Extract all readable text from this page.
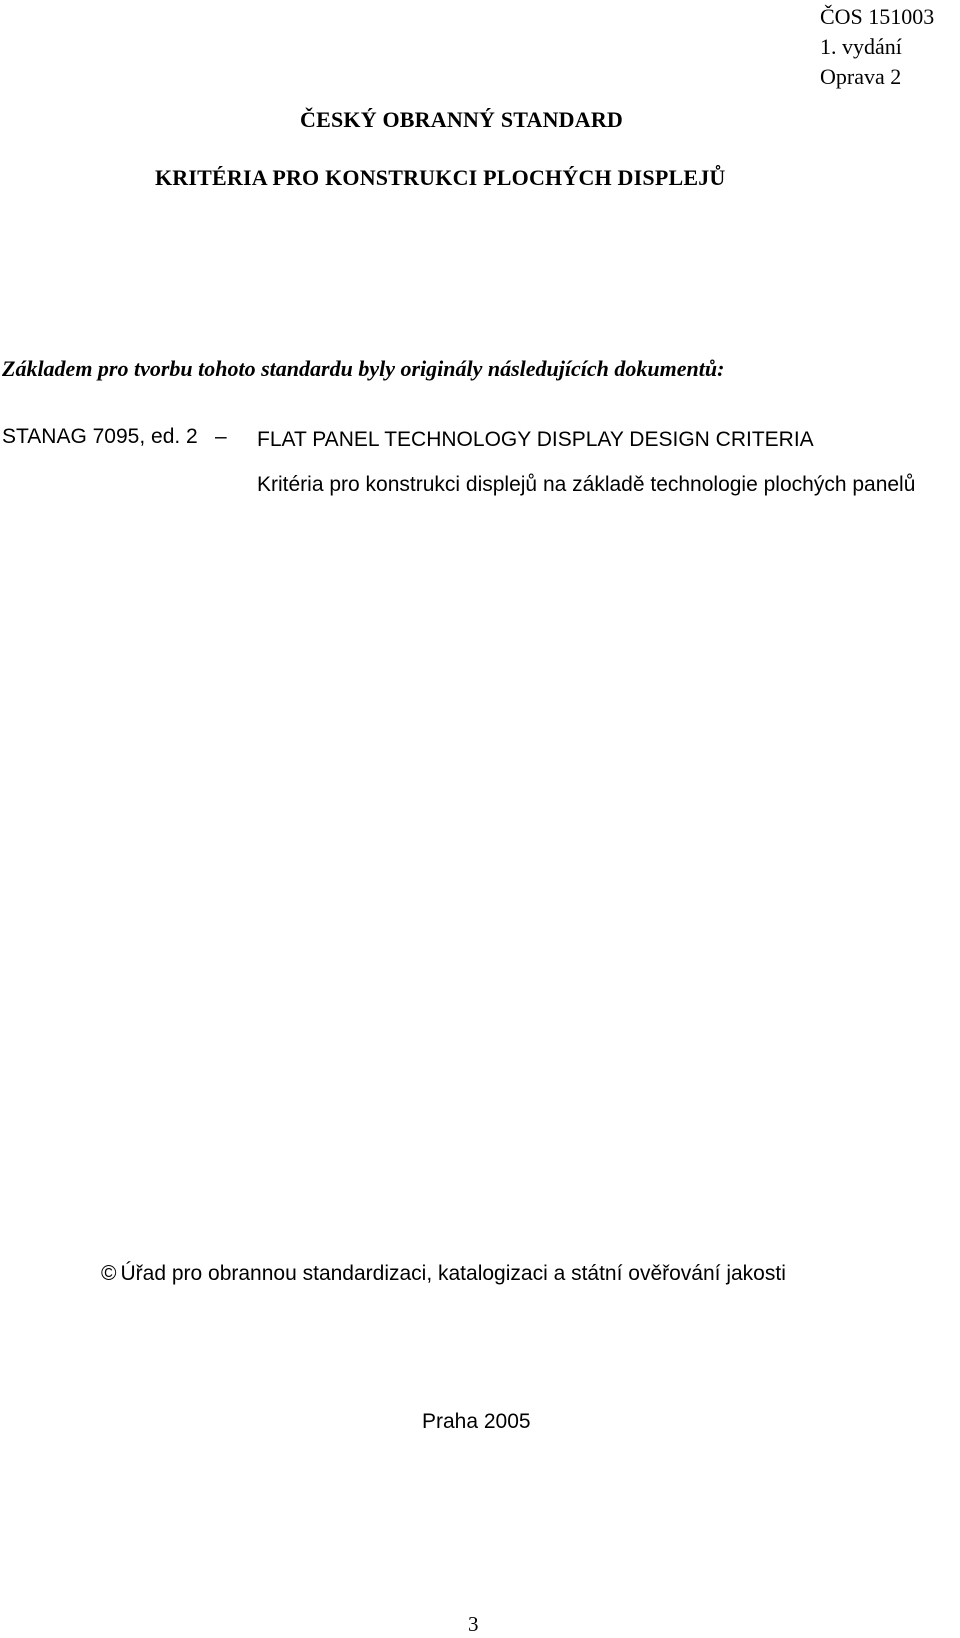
ČOS 151003
1. vydání
Oprava 2
ČESKÝ OBRANNÝ STANDARD
KRITÉRIA PRO KONSTRUKCI PLOCHÝCH DISPLEJŮ
Základem pro tvorbu tohoto standardu byly originály následujících dokumentů:
STANAG 7095, ed. 2 – FLAT PANEL TECHNOLOGY DISPLAY DESIGN CRITERIA
Kritéria pro konstrukci displejů na základě technologie plochých panelů
© Úřad pro obrannou standardizaci, katalogizaci a státní ověřování jakosti
Praha 2005
3
